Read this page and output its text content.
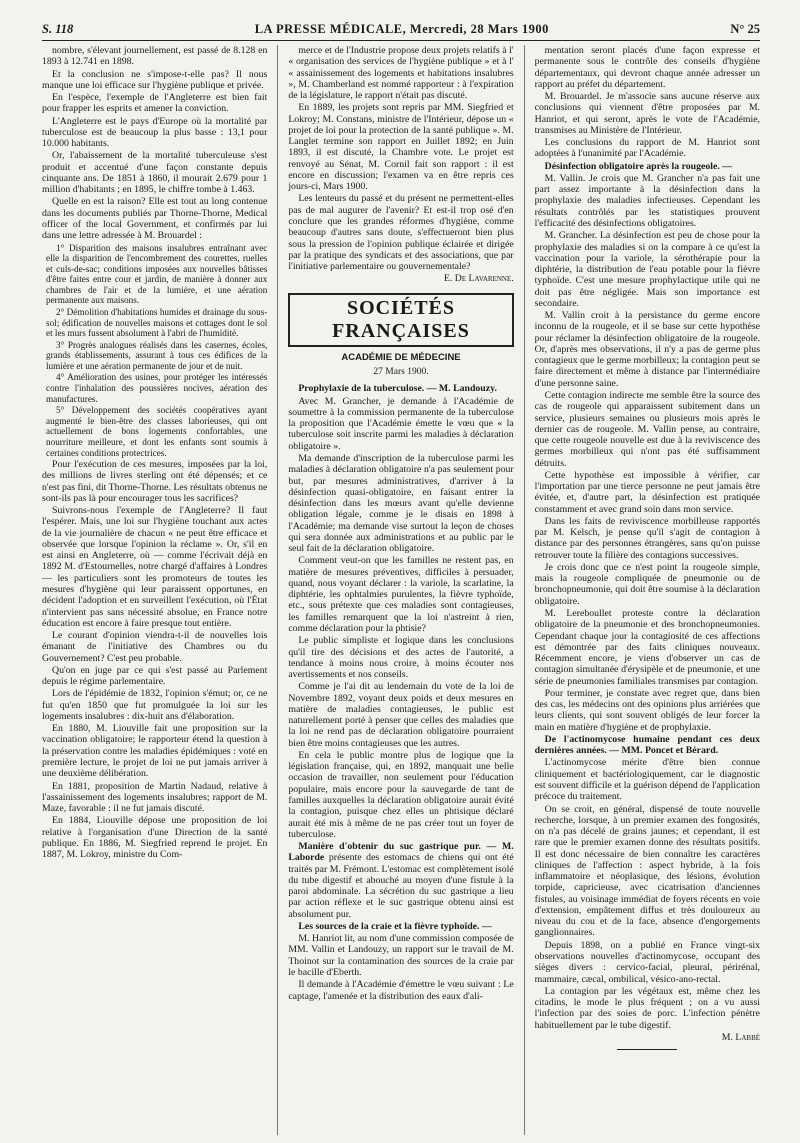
S. 118	LA PRESSE MÉDICALE, Mercredi, 28 Mars 1900	N° 25

nombre, s'élevant journellement, est passé de 8.128 en 1893 à 12.741 en 1898.

Et la conclusion ne s'impose-t-elle pas? Il nous manque une loi efficace sur l'hygiène publique et privée.

En l'espèce, l'exemple de l'Angleterre est bien fait pour frapper les esprits et amener la conviction.

L'Angleterre est le pays d'Europe où la mortalité par tuberculose est de beaucoup la plus basse : 13,1 pour 10.000 habitants.

Or, l'abaissement de la mortalité tuberculeuse s'est produit et accentué d'une façon constante depuis cinquante ans. De 1851 à 1860, il mourait 2.679 pour 1 million d'habitants ; en 1895, le chiffre tombe à 1.463.

Quelle en est la raison? Elle est tout au long contenue dans les documents publiés par Thorne-Thorne, Medical officer of the local Government, et confirmés par lui dans une lettre adressée à M. Brouardel :

1° Disparition des maisons insalubres entraînant avec elle la disparition de l'encombrement des courettes, ruelles et culs-de-sac; conditions imposées aux nouvelles bâtisses d'être faites entre cour et jardin, de manière à donner aux chambres de l'air et de la lumière, et une aération permanente aux maisons.

2° Démolition d'habitations humides et drainage du sous-sol; édification de nouvelles maisons et cottages dont le sol et les murs fussent absolument à l'abri de l'humidité.

3° Progrès analogues réalisés dans les casernes, écoles, grands établissements, assurant à tous ces édifices de la lumière et une aération permanente de jour et de nuit.

4° Amélioration des usines, pour protéger les intéressés contre l'inhalation des poussières nocives, aération des manufactures.

5° Développement des sociétés coopératives ayant augmenté le bien-être des classes laborieuses, qui ont actuellement de bons logements confortables, une nourriture meilleure, et dont les enfants sont soumis à certaines conditions protectrices.

Pour l'exécution de ces mesures, imposées par la loi, des millions de livres sterling ont été dépensés; et ce n'est pas fini, dit Thorne-Thorne. Les résultats obtenus ne sont-ils pas là pour encourager tous les sacrifices?

Suivrons-nous l'exemple de l'Angleterre? Il faut l'espérer. Mais, une loi sur l'hygiène touchant aux actes de la vie journalière de chacun « ne peut être efficace et observée que lorsque l'opinion la réclame ». Or, s'il en est ainsi en Angleterre, où — comme l'écrivait déjà en 1892 M. d'Estournelles, notre chargé d'affaires à Londres — les particuliers sont les promoteurs de toutes les mesures d'hygiène qui leur paraissent opportunes, en décident l'adoption et en surveillent l'exécution, où l'État n'intervient pas sans nécessité absolue, en France notre éducation est encore à faire presque tout entière.

Le courant d'opinion viendra-t-il de nouvelles lois émanant de l'initiative des Chambres ou du Gouvernement? C'est peu probable.

Qu'on en juge par ce qui s'est passé au Parlement depuis le régime parlementaire.

Lors de l'épidémie de 1832, l'opinion s'émut; or, ce ne fut qu'en 1850 que fut promulguée la loi sur les logements insalubres : dix-huit ans d'élaboration.

En 1880, M. Liouville fait une proposition sur la vaccination obligatoire; le rapporteur étend la question à la préservation contre les maladies épidémiques : voté en première lecture, le projet de loi ne put jamais arriver à une deuxième délibération.

En 1881, proposition de Martin Nadaud, relative à l'assainissement des logements insalubres; rapport de M. Maze, favorable : il ne fut jamais discuté.

En 1884, Liouville dépose une proposition de loi relative à l'organisation d'une Direction de la santé publique. En 1886, M. Siegfried reprend le projet. En 1887, M. Lokroy, ministre du Com-

merce et de l'Industrie propose deux projets relatifs à l' « organisation des services de l'hygiène publique » et à l' « assainissement des logements et habitations insalubres », M. Chamberland est nommé rapporteur : à l'expiration de la législature, le rapport n'était pas discuté.

En 1889, les projets sont repris par MM. Siegfried et Lokroy; M. Constans, ministre de l'Intérieur, dépose un « projet de loi pour la protection de la santé publique ». M. Langlet termine son rapport en Juillet 1892; en Juin 1893, il est discuté, la Chambre vote. Le projet est renvoyé au Sénat, M. Cornil fait son rapport : il est encore en discussion; l'examen va en être repris ces jours-ci, Mars 1900.

Les lenteurs du passé et du présent ne permettent-elles pas de mal augurer de l'avenir? Et est-il trop osé d'en conclure que les grandes réformes d'hygiène, comme beaucoup d'autres sans doute, s'effectueront bien plus sous la pression de l'opinion publique éclairée et dirigée par la pratique des syndicats et des associations, que par l'initiative parlementaire ou gouvernementale?

E. De Lavarenne.

SOCIÉTÉS FRANÇAISES
ACADÉMIE DE MÉDECINE
27 Mars 1900.

Prophylaxie de la tuberculose. — M. Landouzy.

Avec M. Grancher, je demande à l'Académie de soumettre à la commission permanente de la tuberculose la proposition que l'Académie émette le vœu que « la tuberculose soit inscrite parmi les maladies à déclaration obligatoire ».

Ma demande d'inscription de la tuberculose parmi les maladies à déclaration obligatoire n'a pas seulement pour but, par mesures administratives, d'arriver à la désinfection quasi-obligatoire, en faisant entrer la désinfection dans les mœurs avant qu'elle devienne obligation légale, comme je le disais en 1898 à l'Académie; ma demande vise surtout la leçon de choses qui sera donnée aux administrations et au public par le seul fait de la déclaration obligatoire.

Comment veut-on que les familles ne restent pas, en matière de mesures préventives, difficiles à persuader, quand, nous voyant déclarer : la variole, la scarlatine, la diphtérie, les ophtalmies purulentes, la fièvre typhoïde, etc., sous prétexte que ces maladies sont contagieuses, les familles remarquent que la loi n'astreint à rien, comme déclaration pour la phtisie?

Le public simpliste et logique dans les conclusions qu'il tire des décisions et des actes de l'autorité, a tendance à moins nous croire, à moins écouter nos avertissements et nos conseils.

Comme je l'ai dit au lendemain du vote de la loi de Novembre 1892, voyant deux poids et deux mesures en matière de maladies contagieuses, le public est naturellement porté à penser que celles des maladies que la loi ne rend pas de déclaration obligatoire pourraient bien être moins contagieuses que les autres.

En cela le public montre plus de logique que la législation française, qui, en 1892, manquait une belle occasion de travailler, non seulement pour l'éducation populaire, mais encore pour la sauvegarde de tant de familles auxquelles la déclaration obligatoire aurait évité la contagion, puisque chez elles un phtisique déclaré aurait été mis à même de ne pas créer tout un foyer de tuberculose.

Manière d'obtenir du suc gastrique pur. — M. Laborde présente des estomacs de chiens qui ont été traités par M. Frémont. L'estomac est complètement isolé du tube digestif et abouché au moyen d'une fistule à la paroi abdominale. La sécrétion du suc gastrique a lieu par action réflexe et le suc gastrique obtenu ainsi est absolument pur.

Les sources de la craie et la fièvre typhoïde. —

M. Hanriot lit, au nom d'une commission composée de MM. Vallin et Landouzy, un rapport sur le travail de M. Thoinot sur la contamination des sources de la craie par le bacille d'Eberth.

Il demande à l'Académie d'émettre le vœu suivant : Le captage, l'amenée et la distribution des eaux d'ali-

mentation seront placés d'une façon expresse et permanente sous le contrôle des conseils d'hygiène départementaux, qui devront chaque année adresser un rapport au préfet du département.

M. Brouardel. Je m'associe sans aucune réserve aux conclusions qui viennent d'être proposées par M. Hanriot, et qui seront, après le vote de l'Académie, transmises au Ministère de l'Intérieur.

Les conclusions du rapport de M. Hanriot sont adoptées à l'unanimité par l'Académie.

Désinfection obligatoire après la rougeole. —

M. Vallin. Je crois que M. Grancher n'a pas fait une part assez importante à la désinfection dans la prophylaxie des maladies infectieuses. Cependant les résultats contrôlés par les statistiques prouvent l'efficacité des désinfections obligatoires.

M. Grancher. La désinfection est peu de chose pour la prophylaxie des maladies si on la compare à ce qu'est la vaccination pour la variole, la sérothérapie pour la diphtérie, la distribution de l'eau potable pour la fièvre typhoïde. C'est une mesure prophylactique utile qui ne doit pas être négligée. Mais son importance est secondaire.

M. Vallin croit à la persistance du germe encore inconnu de la rougeole, et il se base sur cette hypothèse pour réclamer la désinfection obligatoire de la rougeole. Or, d'après mes observations, il n'y a pas de germe plus contagieux que le germe morbilleux; la contagion peut se faire directement et même à distance par l'intermédiaire d'une personne saine.

Cette contagion indirecte me semble être la source des cas de rougeole qui apparaissent subitement dans un service, plusieurs semaines ou plusieurs mois après le dernier cas de rougeole. M. Vallin pense, au contraire, que cette rougeole nouvelle est due à la reviviscence des germes morbilleux qui n'ont pas été suffisamment détruits.

Cette hypothèse est impossible à vérifier, car l'importation par une tierce personne ne peut jamais être évitée, et, d'autre part, la désinfection est pratiquée constamment et avec grand soin dans mon service.

Dans les faits de reviviscence morbilleuse rapportés par M. Kelsch, je pense qu'il s'agit de contagion à distance par des personnes étrangères, sans qu'on puisse retrouver toute la filière des contagions successives.

Je crois donc que ce n'est point la rougeole simple, mais la rougeole compliquée de pneumonie ou de bronchopneumonie, qui doit être soumise à la déclaration obligatoire.

M. Lereboullet proteste contre la déclaration obligatoire de la pneumonie et des bronchopneumonies. Cependant chaque jour la contagiosité de ces affections est démontrée par des faits cliniques nouveaux. Récemment encore, je viens d'observer un cas de contagion simultanée d'érysipèle et de pneumonie, et une série de pneumonies familiales transmises par contagion.

Pour terminer, je constate avec regret que, dans bien des cas, les médecins ont des opinions plus arriérées que leurs clients, qui sont souvent obligés de leur forcer la main en matière d'hygiène et de prophylaxie.

De l'actinomycose humaine pendant ces deux dernières années. — MM. Poncet et Bérard.

L'actinomycose mérite d'être bien connue cliniquement et bactériologiquement, car le diagnostic est souvent difficile et la guérison dépend de l'application précoce du traitement.

On se croit, en général, dispensé de toute nouvelle recherche, lorsque, à un premier examen des fongosités, on n'a pas décelé de grains jaunes; et cependant, il est rare que le premier examen donne des résultats positifs. Il est donc nécessaire de bien connaître les caractères cliniques de l'affection : aspect hybride, à la fois inflammatoire et néoplasique, des lésions, évolution torpide, capricieuse, avec cicatrisation d'anciennes fistules, au voisinage immédiat de foyers récents en voie d'extension, empâtement diffus et très douloureux au niveau du cou et de la face, absence d'engorgements ganglionnaires.

Depuis 1898, on a publié en France vingt-six observations nouvelles d'actinomycose, occupant des sièges divers : cervico-facial, pleural, périrénal, mammaire, cæcal, ombilical, vésico-ano-rectal.

La contagion par les végétaux est, même chez les citadins, le mode le plus fréquent ; on a vu aussi l'infection par des soies de porc. L'infection pénètre habituellement par le tube digestif.

M. Labbé
